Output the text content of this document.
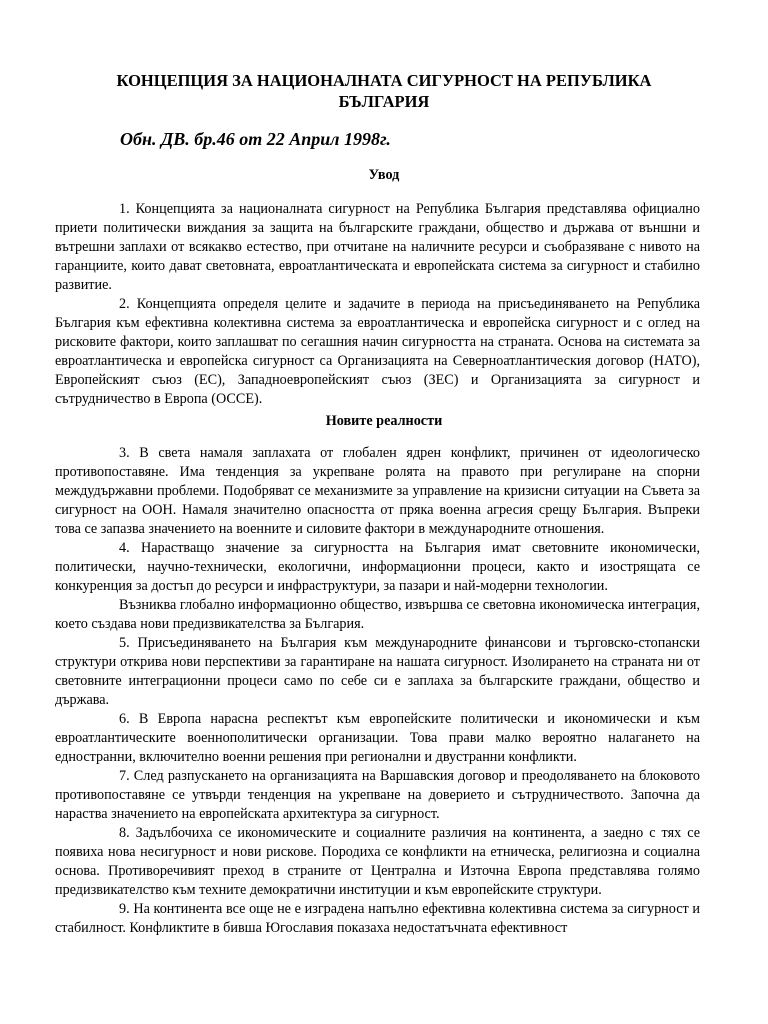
КОНЦЕПЦИЯ ЗА НАЦИОНАЛНАТА СИГУРНОСТ НА РЕПУБЛИКА БЪЛГАРИЯ
Обн. ДВ. бр.46 от 22 Април 1998г.
Увод

1. Концепцията за националната сигурност на Република България представлява официално приети политически виждания за защита на българските граждани, общество и държава от външни и вътрешни заплахи от всякакво естество, при отчитане на наличните ресурси и съобразяване с нивото на гаранциите, които дават световната, евроатлантическата и европейската система за сигурност и стабилно развитие.

2. Концепцията определя целите и задачите в периода на присъединяването на Република България към ефективна колективна система за евроатлантическа и европейска сигурност и с оглед на рисковите фактори, които заплашват по сегашния начин сигурността на страната. Основа на системата за евроатлантическа и европейска сигурност са Организацията на Северноатлантическия договор (НАТО), Европейският съюз (ЕС), Западноевропейският съюз (ЗЕС) и Организацията за сигурност и сътрудничество в Европа (ОССЕ).

Новите реалности

3. В света намаля заплахата от глобален ядрен конфликт, причинен от идеологическо противопоставяне. Има тенденция за укрепване ролята на правото при регулиране на спорни междудържавни проблеми. Подобряват се механизмите за управление на кризисни ситуации на Съвета за сигурност на ООН. Намаля значително опасността от пряка военна агресия срещу България. Въпреки това се запазва значението на военните и силовите фактори в международните отношения.

4. Нарастващо значение за сигурността на България имат световните икономически, политически, научно-технически, екологични, информационни процеси, както и изострящата се конкуренция за достъп до ресурси и инфраструктури, за пазари и най-модерни технологии.

Възниква глобално информационно общество, извършва се световна икономическа интеграция, което създава нови предизвикателства за България.

5. Присъединяването на България към международните финансови и търговско-стопански структури открива нови перспективи за гарантиране на нашата сигурност. Изолирането на страната ни от световните интеграционни процеси само по себе си е заплаха за българските граждани, общество и държава.

6. В Европа нарасна респектът към европейските политически и икономически и към евроатлантическите военнополитически организации. Това прави малко вероятно налагането на едностранни, включително военни решения при регионални и двустранни конфликти.

7. След разпускането на организацията на Варшавския договор и преодоляването на блоковото противопоставяне се утвърди тенденция на укрепване на доверието и сътрудничеството. Започна да нараства значението на европейската архитектура за сигурност.

8. Задълбочиха се икономическите и социалните различия на континента, а заедно с тях се появиха нова несигурност и нови рискове. Породиха се конфликти на етническа, религиозна и социална основа. Противоречивият преход в страните от Централна и Източна Европа представлява голямо предизвикателство към техните демократични институции и към европейските структури.

9. На континента все още не е изградена напълно ефективна колективна система за сигурност и стабилност. Конфликтите в бивша Югославия показаха недостатъчната ефективност
